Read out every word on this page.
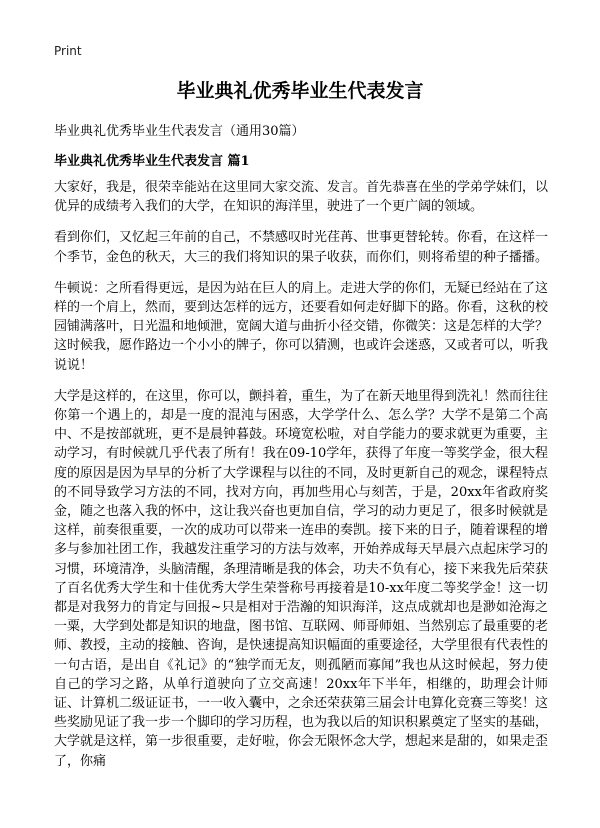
Print
毕业典礼优秀毕业生代表发言
毕业典礼优秀毕业生代表发言（通用30篇）
毕业典礼优秀毕业生代表发言 篇1

大家好，我是，很荣幸能站在这里同大家交流、发言。首先恭喜在坐的学弟学妹们，以优异的成绩考入我们的大学，在知识的海洋里，驶进了一个更广阔的领域。

看到你们，又忆起三年前的自己，不禁感叹时光荏苒、世事更替轮转。你看，在这样一个季节，金色的秋天，大三的我们将知识的果子收获，而你们，则将希望的种子播播。

牛顿说：之所看得更远，是因为站在巨人的肩上。走进大学的你们，无疑已经站在了这样的一个肩上，然而，要到达怎样的远方，还要看如何走好脚下的路。你看，这秋的校园铺满落叶，日光温和地倾泄，宽阔大道与曲折小径交错，你微笑：这是怎样的大学？这时候我，愿作路边一个小小的牌子，你可以猜测，也或许会迷惑，又或者可以，听我说说！

大学是这样的，在这里，你可以，颤抖着，重生，为了在新天地里得到洗礼！然而往往你第一个遇上的，却是一度的混沌与困惑，大学学什么、怎么学？大学不是第二个高中、不是按部就班，更不是晨钟暮鼓。环境宽松啦，对自学能力的要求就更为重要，主动学习，有时候就几乎代表了所有！我在09-10学年，获得了年度一等奖学金，很大程度的原因是因为早早的分析了大学课程与以往的不同，及时更新自己的观念，课程特点的不同导致学习方法的不同，找对方向，再加些用心与刻苦，于是，20xx年省政府奖金，随之也落入我的怀中，这让我兴奋也更加自信，学习的动力更足了，很多时候就是这样，前奏很重要，一次的成功可以带来一连串的奏凯。接下来的日子，随着课程的增多与参加社团工作，我越发注重学习的方法与效率，开始养成每天早晨六点起床学习的习惯，环境清净，头脑清醒，条理清晰是我的体会，功夫不负有心，接下来我先后荣获了百名优秀大学生和十佳优秀大学生荣誉称号再接着是10-xx年度二等奖学金！这一切都是对我努力的肯定与回报~只是相对于浩瀚的知识海洋，这点成就却也是渺如沧海之一粟，大学到处都是知识的地盘，图书馆、互联网、师哥师姐、当然别忘了最重要的老师、教授，主动的接触、咨询，是快速提高知识幅面的重要途径，大学里很有代表性的一句古语，是出自《礼记》的“独学而无友，则孤陋而寡闻”我也从这时候起，努力使自己的学习之路，从单行道驶向了立交高速！20xx年下半年，相继的，助理会计师证、计算机二级证证书，一一收入囊中，之余还荣获第三届会计电算化竞赛三等奖！这些奖励见证了我一步一个脚印的学习历程，也为我以后的知识积累奠定了坚实的基础，大学就是这样，第一步很重要，走好啦，你会无限怀念大学，想起来是甜的，如果走歪了，你痛
